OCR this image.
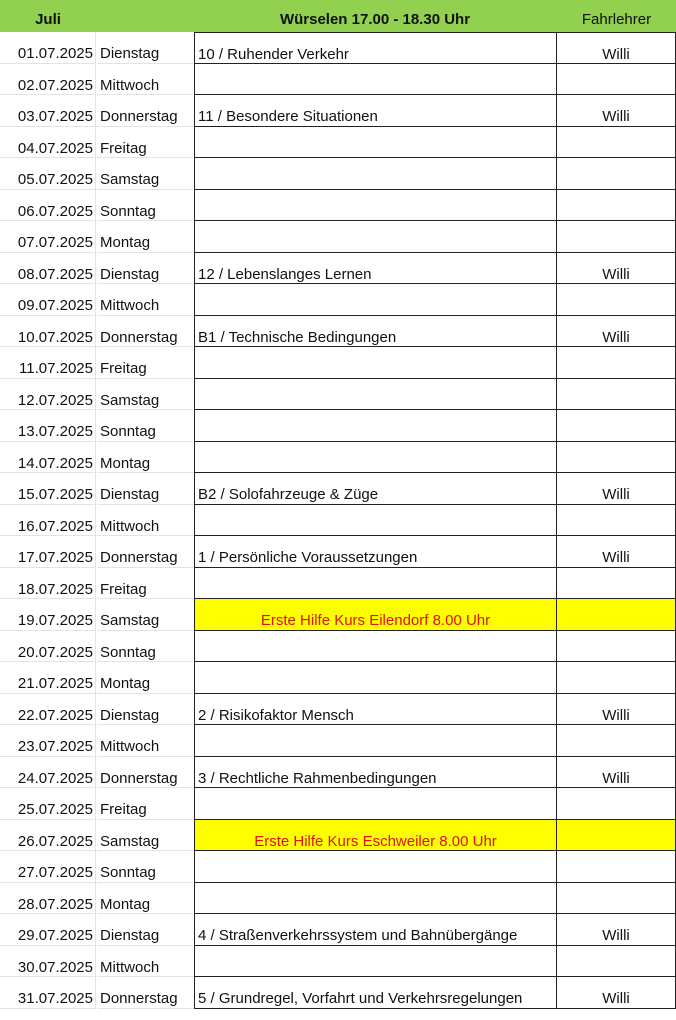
Juli	Würselen 17.00 - 18.30 Uhr	Fahrlehrer
01.07.2025 Dienstag	10 / Ruhender Verkehr	Willi
02.07.2025 Mittwoch
03.07.2025 Donnerstag	11 / Besondere Situationen	Willi
04.07.2025 Freitag
05.07.2025 Samstag
06.07.2025 Sonntag
07.07.2025 Montag
08.07.2025 Dienstag	12 / Lebenslanges Lernen	Willi
09.07.2025 Mittwoch
10.07.2025 Donnerstag	B1 / Technische Bedingungen	Willi
11.07.2025 Freitag
12.07.2025 Samstag
13.07.2025 Sonntag
14.07.2025 Montag
15.07.2025 Dienstag	B2 / Solofahrzeuge & Züge	Willi
16.07.2025 Mittwoch
17.07.2025 Donnerstag	1 / Persönliche Voraussetzungen	Willi
18.07.2025 Freitag
19.07.2025 Samstag	Erste Hilfe Kurs Eilendorf 8.00 Uhr
20.07.2025 Sonntag
21.07.2025 Montag
22.07.2025 Dienstag	2 / Risikofaktor Mensch	Willi
23.07.2025 Mittwoch
24.07.2025 Donnerstag	3 / Rechtliche Rahmenbedingungen	Willi
25.07.2025 Freitag
26.07.2025 Samstag	Erste Hilfe Kurs Eschweiler 8.00 Uhr
27.07.2025 Sonntag
28.07.2025 Montag
29.07.2025 Dienstag	4 / Straßenverkehrssystem und Bahnübergänge	Willi
30.07.2025 Mittwoch
31.07.2025 Donnerstag	5 / Grundregel, Vorfahrt und Verkehrsregelungen	Willi
